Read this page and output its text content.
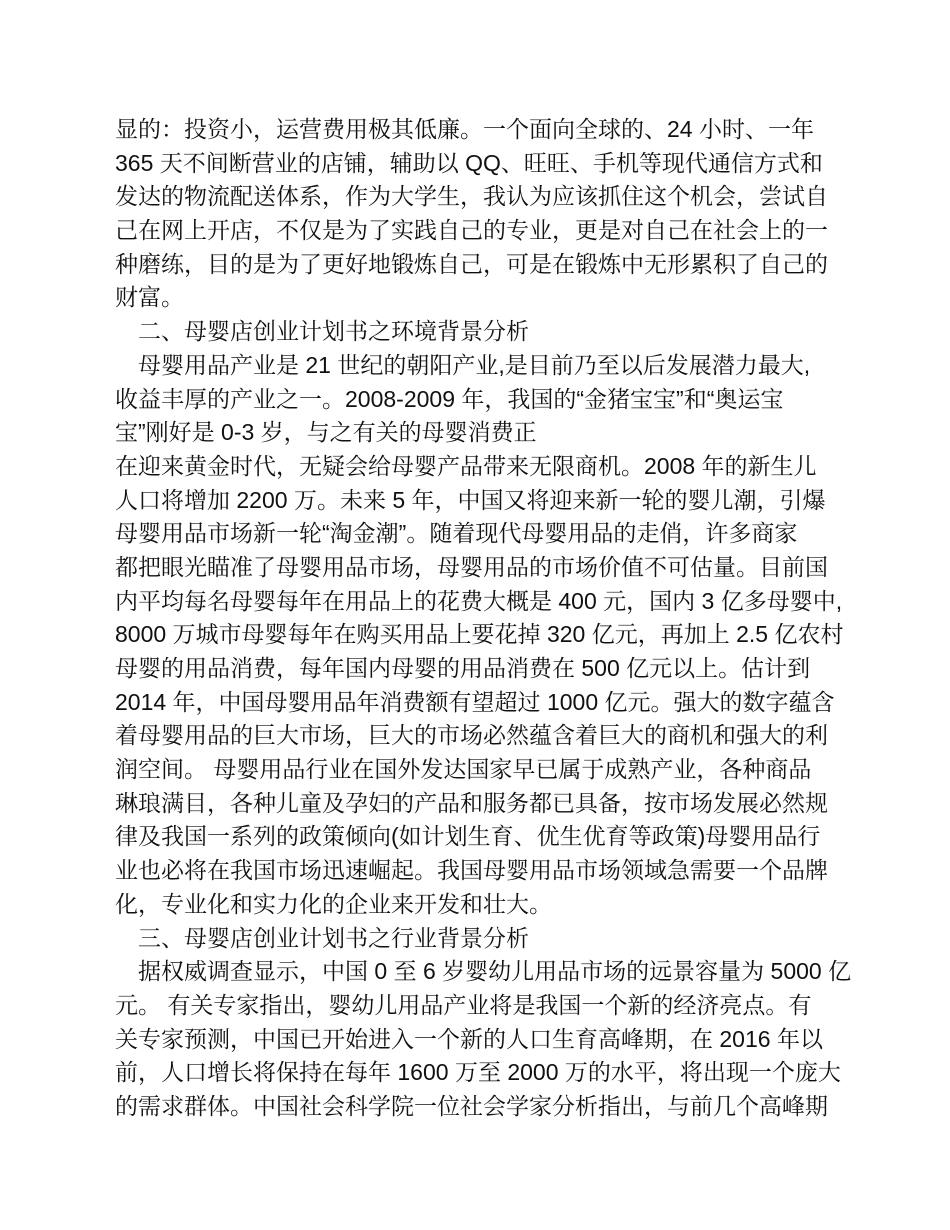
显的：投资小，运营费用极其低廉。一个面向全球的、24 小时、一年
365 天不间断营业的店铺，辅助以 QQ、旺旺、手机等现代通信方式和
发达的物流配送体系，作为大学生，我认为应该抓住这个机会，尝试自
己在网上开店，不仅是为了实践自己的专业，更是对自己在社会上的一
种磨练，目的是为了更好地锻炼自己，可是在锻炼中无形累积了自己的
财富。
　二、母婴店创业计划书之环境背景分析
　母婴用品产业是 21 世纪的朝阳产业,是目前乃至以后发展潜力最大,
收益丰厚的产业之一。2008-2009 年，我国的“金猪宝宝”和“奥运宝
宝”刚好是 0-3 岁，与之有关的母婴消费正
在迎来黄金时代，无疑会给母婴产品带来无限商机。2008 年的新生儿
人口将增加 2200 万。未来 5 年，中国又将迎来新一轮的婴儿潮，引爆
母婴用品市场新一轮“淘金潮”。随着现代母婴用品的走俏，许多商家
都把眼光瞄准了母婴用品市场，母婴用品的市场价值不可估量。目前国
内平均每名母婴每年在用品上的花费大概是 400 元，国内 3 亿多母婴中,
8000 万城市母婴每年在购买用品上要花掉 320 亿元，再加上 2.5 亿农村
母婴的用品消费，每年国内母婴的用品消费在 500 亿元以上。估计到
2014 年，中国母婴用品年消费额有望超过 1000 亿元。强大的数字蕴含
着母婴用品的巨大市场，巨大的市场必然蕴含着巨大的商机和强大的利
润空间。 母婴用品行业在国外发达国家早已属于成熟产业，各种商品
琳琅满目，各种儿童及孕妇的产品和服务都已具备，按市场发展必然规
律及我国一系列的政策倾向(如计划生育、优生优育等政策)母婴用品行
业也必将在我国市场迅速崛起。我国母婴用品市场领域急需要一个品牌
化，专业化和实力化的企业来开发和壮大。
　三、母婴店创业计划书之行业背景分析
　据权威调查显示，中国 0 至 6 岁婴幼儿用品市场的远景容量为 5000 亿
元。 有关专家指出，婴幼儿用品产业将是我国一个新的经济亮点。有
关专家预测，中国已开始进入一个新的人口生育高峰期，在 2016 年以
前，人口增长将保持在每年 1600 万至 2000 万的水平，将出现一个庞大
的需求群体。中国社会科学院一位社会学家分析指出，与前几个高峰期
